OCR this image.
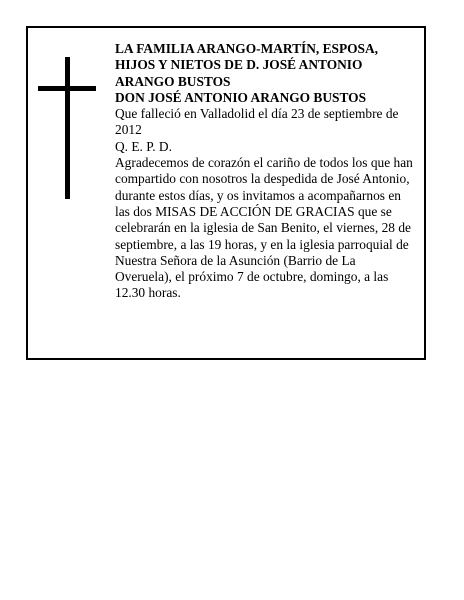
LA FAMILIA ARANGO-MARTÍN, ESPOSA, HIJOS Y NIETOS DE D. JOSÉ ANTONIO ARANGO BUSTOS

DON JOSÉ ANTONIO ARANGO BUSTOS

Que falleció en Valladolid el día 23 de septiembre de 2012

Q. E. P. D.

Agradecemos de corazón el cariño de todos los que han compartido con nosotros la despedida de José Antonio, durante estos días, y os invitamos a acompañarnos en las dos MISAS DE ACCIÓN DE GRACIAS que se celebrarán en la iglesia de San Benito, el viernes, 28 de septiembre, a las 19 horas, y en la iglesia parroquial de Nuestra Señora de la Asunción (Barrio de La Overuela), el próximo 7 de octubre, domingo, a las 12.30 horas.
